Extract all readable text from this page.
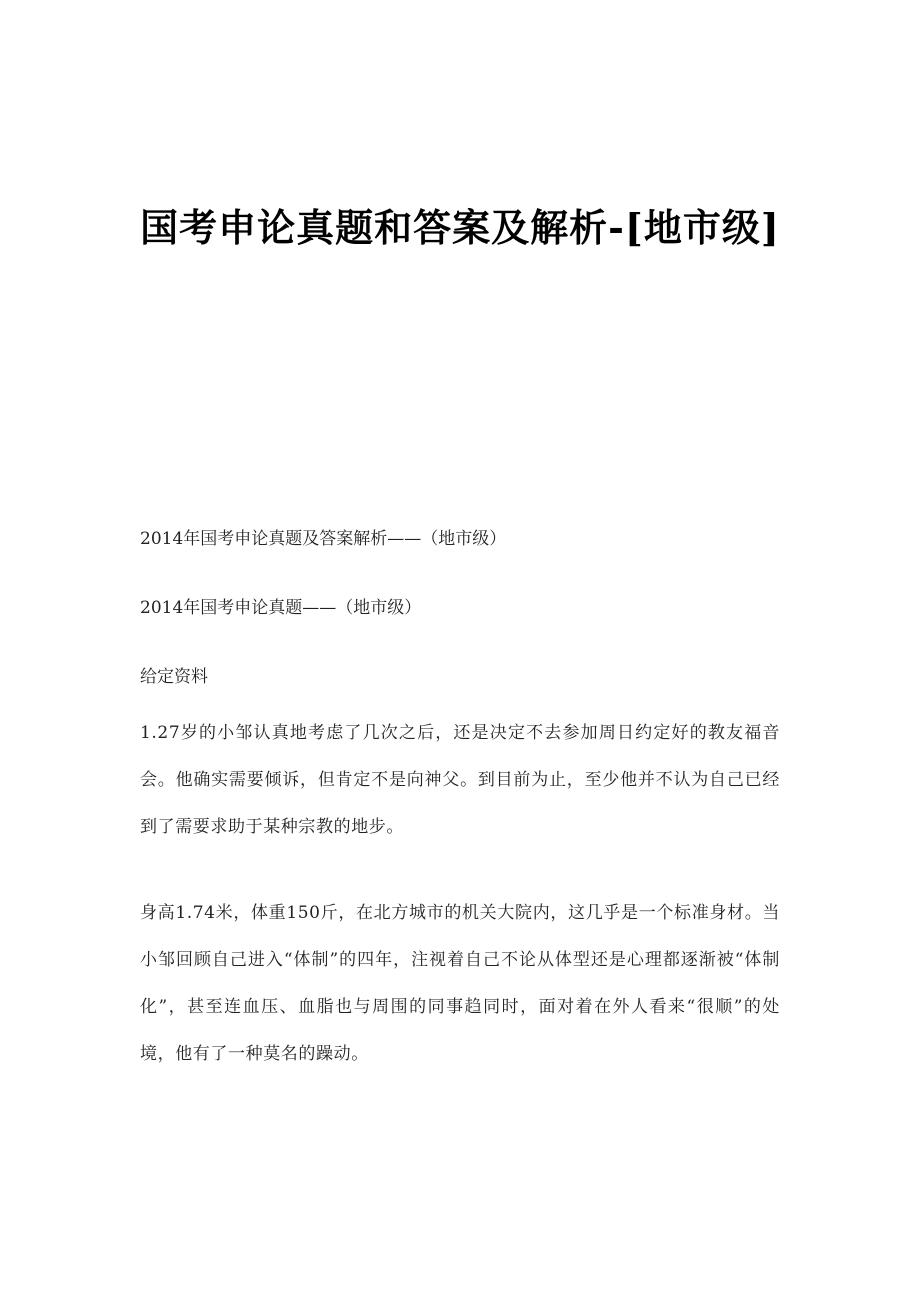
国考申论真题和答案及解析-[地市级]
2014年国考申论真题及答案解析——（地市级）
2014年国考申论真题——（地市级）
给定资料
1.27岁的小邹认真地考虑了几次之后，还是决定不去参加周日约定好的教友福音会。他确实需要倾诉，但肯定不是向神父。到目前为止，至少他并不认为自己已经到了需要求助于某种宗教的地步。
身高1.74米，体重150斤，在北方城市的机关大院内，这几乎是一个标准身材。当小邹回顾自己进入“体制”的四年，注视着自己不论从体型还是心理都逐渐被“体制化”，甚至连血压、血脂也与周围的同事趋同时，面对着在外人看来“很顺”的处境，他有了一种莫名的躁动。
